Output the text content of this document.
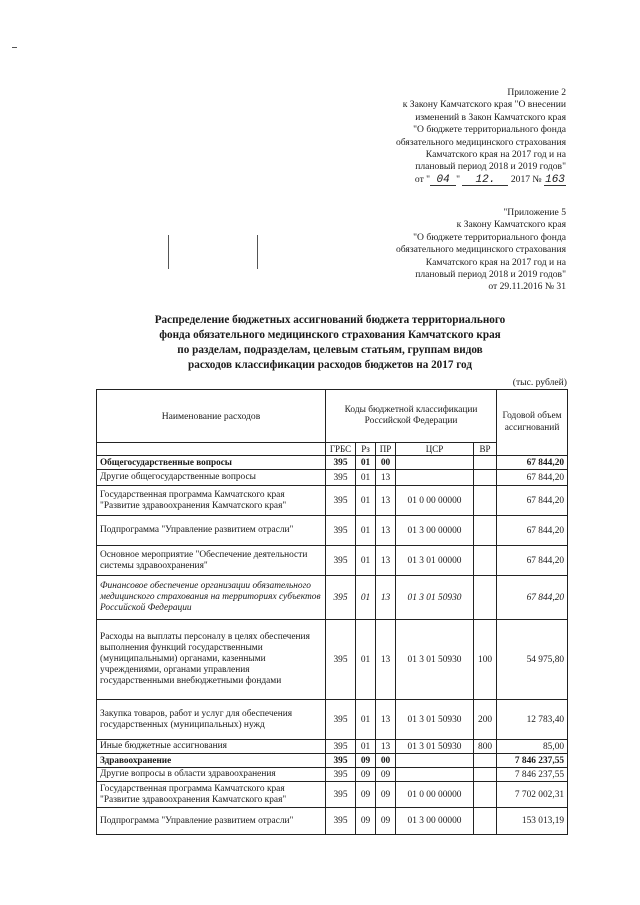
Приложение 2
к Закону Камчатского края "О внесении
изменений в Закон Камчатского края
"О бюджете территориального фонда
обязательного медицинского страхования
Камчатского края на 2017 год и на
плановый период 2018 и 2019 годов"
от " 04 " 12. 2017 № 163
"Приложение 5
к Закону Камчатского края
"О бюджете территориального фонда
обязательного медицинского страхования
Камчатского края на 2017 год и на
плановый период 2018 и 2019 годов"
от 29.11.2016 № 31
Распределение бюджетных ассигнований бюджета территориального
фонда обязательного медицинского страхования Камчатского края
по разделам, подразделам, целевым статьям, группам видов
расходов классификации расходов бюджетов на 2017 год
(тыс. рублей)
Наименование расходов	Коды бюджетной классификации Российской Федерации					Годовой объем ассигнований
	ГРБС	Рз	ПР	ЦСР	ВР	
Общегосударственные вопросы	395	01	00			67 844,20
Другие общегосударственные вопросы	395	01	13			67 844,20
Государственная программа Камчатского края "Развитие здравоохранения Камчатского края"	395	01	13	01 0 00 00000		67 844,20
Подпрограмма "Управление развитием отрасли"	395	01	13	01 3 00 00000		67 844,20
Основное мероприятие "Обеспечение деятельности системы здравоохранения"	395	01	13	01 3 01 00000		67 844,20
Финансовое обеспечение организации обязательного медицинского страхования на территориях субъектов Российской Федерации	395	01	13	01 3 01 50930		67 844,20
Расходы на выплаты персоналу в целях обеспечения выполнения функций государственными (муниципальными) органами, казенными учреждениями, органами управления государственными внебюджетными фондами	395	01	13	01 3 01 50930	100	54 975,80
Закупка товаров, работ и услуг для обеспечения государственных (муниципальных) нужд	395	01	13	01 3 01 50930	200	12 783,40
Иные бюджетные ассигнования	395	01	13	01 3 01 50930	800	85,00
Здравоохранение	395	09	00			7 846 237,55
Другие вопросы в области здравоохранения	395	09	09			7 846 237,55
Государственная программа Камчатского края "Развитие здравоохранения Камчатского края"	395	09	09	01 0 00 00000		7 702 002,31
Подпрограмма "Управление развитием отрасли"	395	09	09	01 3 00 00000		153 013,19
